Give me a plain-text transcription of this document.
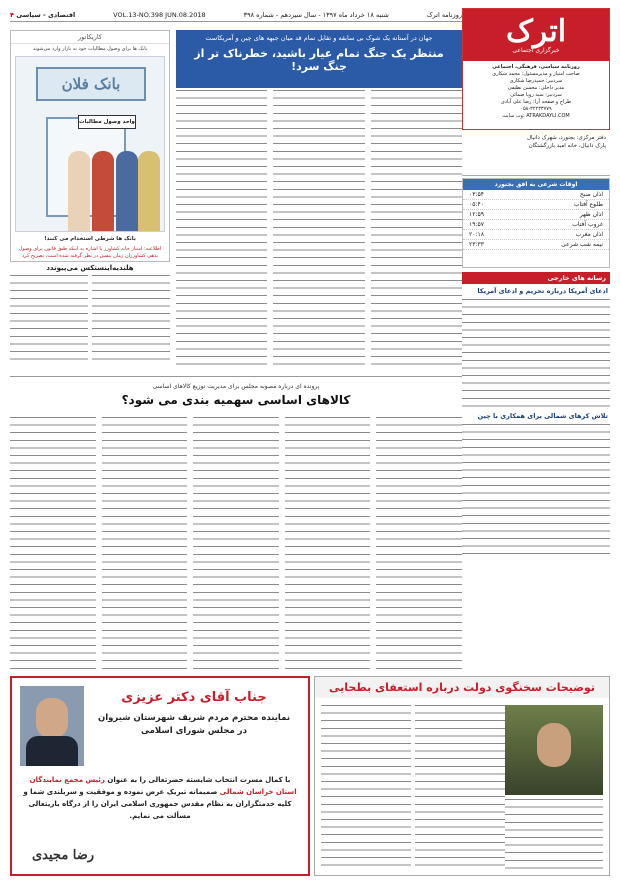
روزنامه اترک
شنبه ۱۸ خرداد ماه ۱۳۹۷ - سال سیزدهم - شماره ۳۹۸
VOL.13-NO.398 JUN.08.2018
اقتصادی - سیاسی ۴	اترک
خبرگزاری اجتماعی
روزنامه سیاسی، فرهنگی، اجتماعی
صاحب امتیاز و مدیرمسئول: محمد شکاری
سردبیر: حمیدرضا شکاری
مدیر داخلی: محسن نظیفی
سردبیر: سید رویا صمائی
طراح و صفحه آرا: رضا علی آبادی
۰۵۸-۳۲۲۳۳۷۷۹
ATRAKDAYLI.COM :وب سایت
دفتر مرکزی: بجنورد، شهرک دانیال
پارک دانیال، خانه امید بازرگشتگان
اوقات شرعی به افق بجنورد
اذان صبح
۰۳:۵۴
طلوع آفتاب
۰۵:۴۰
اذان ظهر
۱۲:۵۹
غروب آفتاب
۱۹:۵۷
اذان مغرب
۲۰:۱۸
نیمه شب شرعی
۲۳:۳۳
رسانه های خارجی
ادعای آمریکا درباره تحریم و ادعای آمریکا
تلاش کرهای شمالی برای همکاری با چین
جهان در آستانه یک شوک بی سابقه و تقابل تمام قد میان جبهه های چین و آمریکاست
منتظر یک جنگ تمام عیار باشید، خطرناک تر از جنگ سرد!
کاریکاتور
بانک ها برای وصول مطالبات خود به بازار وارد می‌شوند
بانک فلان
واحد وصول مطالبات
بانک ها شرطی استخدام می کنند!
اطلاعیه: امتیاز خانه کشاورز با اشاره به اینکه طبق قانون برای وصول بدهی کشاورزان زمان تنفس در نظر گرفته شده است، تصریح کرد
هلندیه‌اینستکس می‌پیوندد
پرونده ای درباره مصوبه مجلس برای مدیریت توزیع کالاهای اساسی
کالاهای اساسی سهمیه بندی می شود؟
توضیحات سخنگوی دولت درباره استعفای بطحایی
جناب آقای دکتر عزیزی
نماینده محترم مردم شریف شهرستان شیروان
در مجلس شورای اسلامی
با کمال مسرت انتخاب شایسته حضرتعالی را به عنوان رئیس مجمع نمایندگان استان خراسان شمالی صمیمانه تبریک عرض نموده و موفقیت و سربلندی شما و کلیه خدمتگزاران به نظام مقدس جمهوری اسلامی ایران را از درگاه باریتعالی مسألت می نمایم.
رضا مجیدی
